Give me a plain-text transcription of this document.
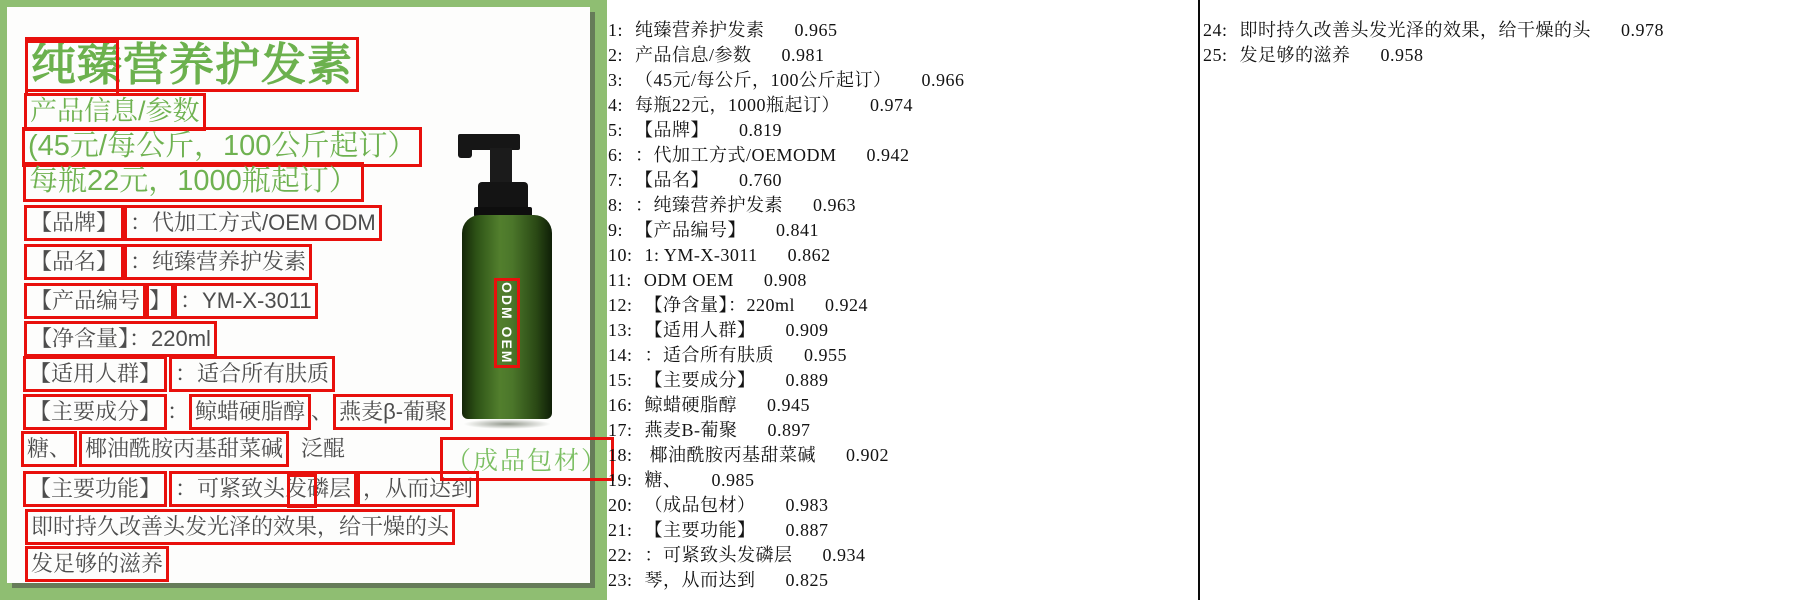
纯臻营养护发素
产品信息/参数
(45元/每公斤，100公斤起订）
每瓶22元，1000瓶起订）
【品牌】 ：代加工方式/OEM ODM
【品名】 ：纯臻营养护发素
【产品编号 】 ：YM-X-3011
【净含量】：220ml
【适用人群】 ：适合所有肤质
【主要成分】 ： 鲸蜡硬脂醇 、 燕麦β-葡聚
糖、 椰油酰胺丙基甜菜碱 泛醌
【主要功能】 ：可紧致头发磷层 ，从而达到
即时持久改善头发光泽的效果，给干燥的头
发足够的滋养
（成品包材）
ODM OEM
1: 纯臻营养护发素 0.965
2: 产品信息/参数 0.981
3: （45元/每公斤，100公斤起订） 0.966
4: 每瓶22元，1000瓶起订） 0.974
5: 【品牌】 0.819
6: ：代加工方式/OEMODM 0.942
7: 【品名】 0.760
8: ：纯臻营养护发素 0.963
9: 【产品编号】 0.841
10: 1: YM-X-3011 0.862
11: ODM OEM 0.908
12: 【净含量】：220ml 0.924
13: 【适用人群】 0.909
14: ：适合所有肤质 0.955
15: 【主要成分】 0.889
16: 鲸蜡硬脂醇 0.945
17: 燕麦B-葡聚 0.897
18: 椰油酰胺丙基甜菜碱 0.902
19: 糖、 0.985
20: （成品包材） 0.983
21: 【主要功能】 0.887
22: ：可紧致头发磷层 0.934
23: 琴，从而达到 0.825
24: 即时持久改善头发光泽的效果，给干燥的头 0.978
25: 发足够的滋养 0.958
